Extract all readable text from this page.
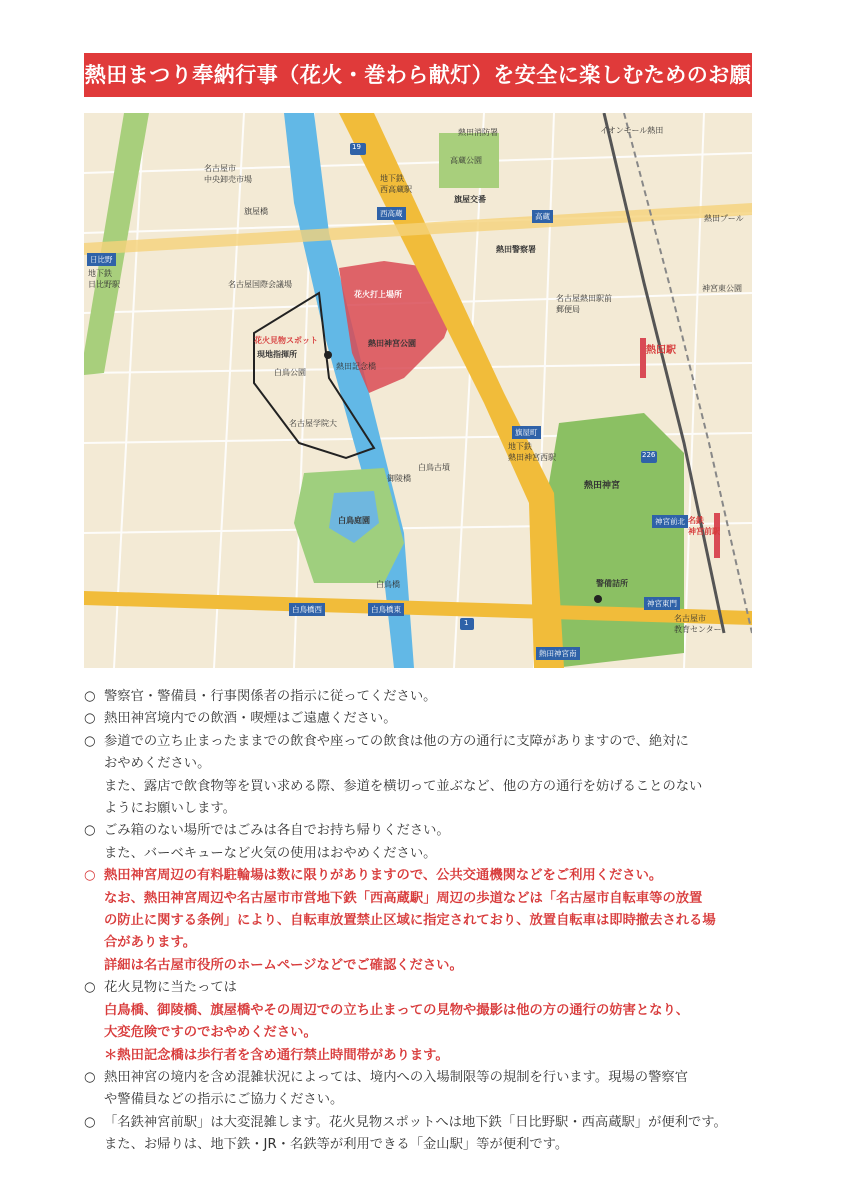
熱田まつり奉納行事（花火・巻わら献灯）を安全に楽しむためのお願
名古屋市
中央卸売市場
旗屋橋
19
地下鉄
西高蔵駅
西高蔵
旗屋交番
高蔵
熱田消防署
高蔵公園
イオンモール熱田
熱田警察署
熱田プール
日比野
地下鉄
日比野駅	名古屋国際会議場
花火打上場所
花火見物スポット
現地指揮所
白鳥公園
熱田記念橋
熱田神宮公園
名古屋学院大
白鳥古墳
御陵橋
白鳥庭園
白鳥橋
白鳥橋西	白鳥橋東
1
名古屋熱田駅前
郵便局
熱田駅
神宮東公園
旗屋町
地下鉄
熱田神宮西駅
熱田神宮
226
神宮前北 名鉄
神宮前駅
警備詰所
神宮東門
名古屋市
教育センター
熱田神宮南
○ 警察官・警備員・行事関係者の指示に従ってください。
○ 熱田神宮境内での飲酒・喫煙はご遠慮ください。
○ 参道での立ち止まったままでの飲食や座っての飲食は他の方の通行に支障がありますので、絶対に
おやめください。
また、露店で飲食物等を買い求める際、参道を横切って並ぶなど、他の方の通行を妨げることのない
ようにお願いします。
○ ごみ箱のない場所ではごみは各自でお持ち帰りください。
また、バーベキューなど火気の使用はおやめください。
○ 熱田神宮周辺の有料駐輪場は数に限りがありますので、公共交通機関などをご利用ください。
なお、熱田神宮周辺や名古屋市市営地下鉄「西高蔵駅」周辺の歩道などは「名古屋市自転車等の放置
の防止に関する条例」により、自転車放置禁止区域に指定されており、放置自転車は即時撤去される場
合があります。
詳細は名古屋市役所のホームページなどでご確認ください。
○ 花火見物に当たっては
白鳥橋、御陵橋、旗屋橋やその周辺での立ち止まっての見物や撮影は他の方の通行の妨害となり、
大変危険ですのでおやめください。
＊熱田記念橋は歩行者を含め通行禁止時間帯があります。
○ 熱田神宮の境内を含め混雑状況によっては、境内への入場制限等の規制を行います。現場の警察官
や警備員などの指示にご協力ください。
○ 「名鉄神宮前駅」は大変混雑します。花火見物スポットへは地下鉄「日比野駅・西高蔵駅」が便利です。
また、お帰りは、地下鉄・JR・名鉄等が利用できる「金山駅」等が便利です。
